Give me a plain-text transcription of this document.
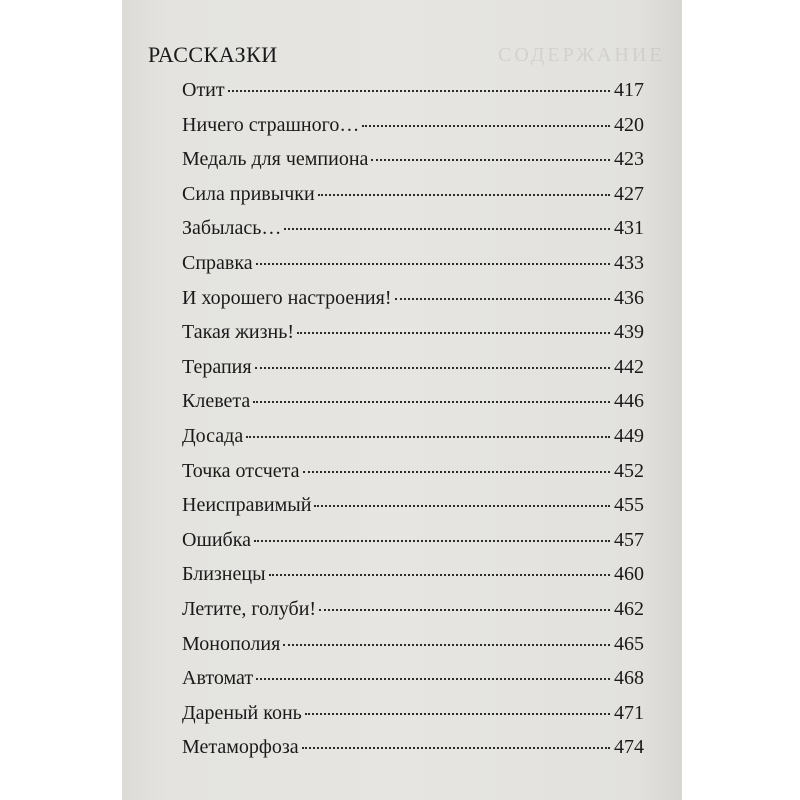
СОДЕРЖАНИЕ
РАССКАЗКИ
Отит	417
Ничего страшного…	420
Медаль для чемпиона	423
Сила привычки	427
Забылась…	431
Справка	433
И хорошего настроения!	436
Такая жизнь!	439
Терапия	442
Клевета	446
Досада	449
Точка отсчета	452
Неисправимый	455
Ошибка	457
Близнецы	460
Летите, голуби!	462
Монополия	465
Автомат	468
Дареный конь	471
Метаморфоза	474
